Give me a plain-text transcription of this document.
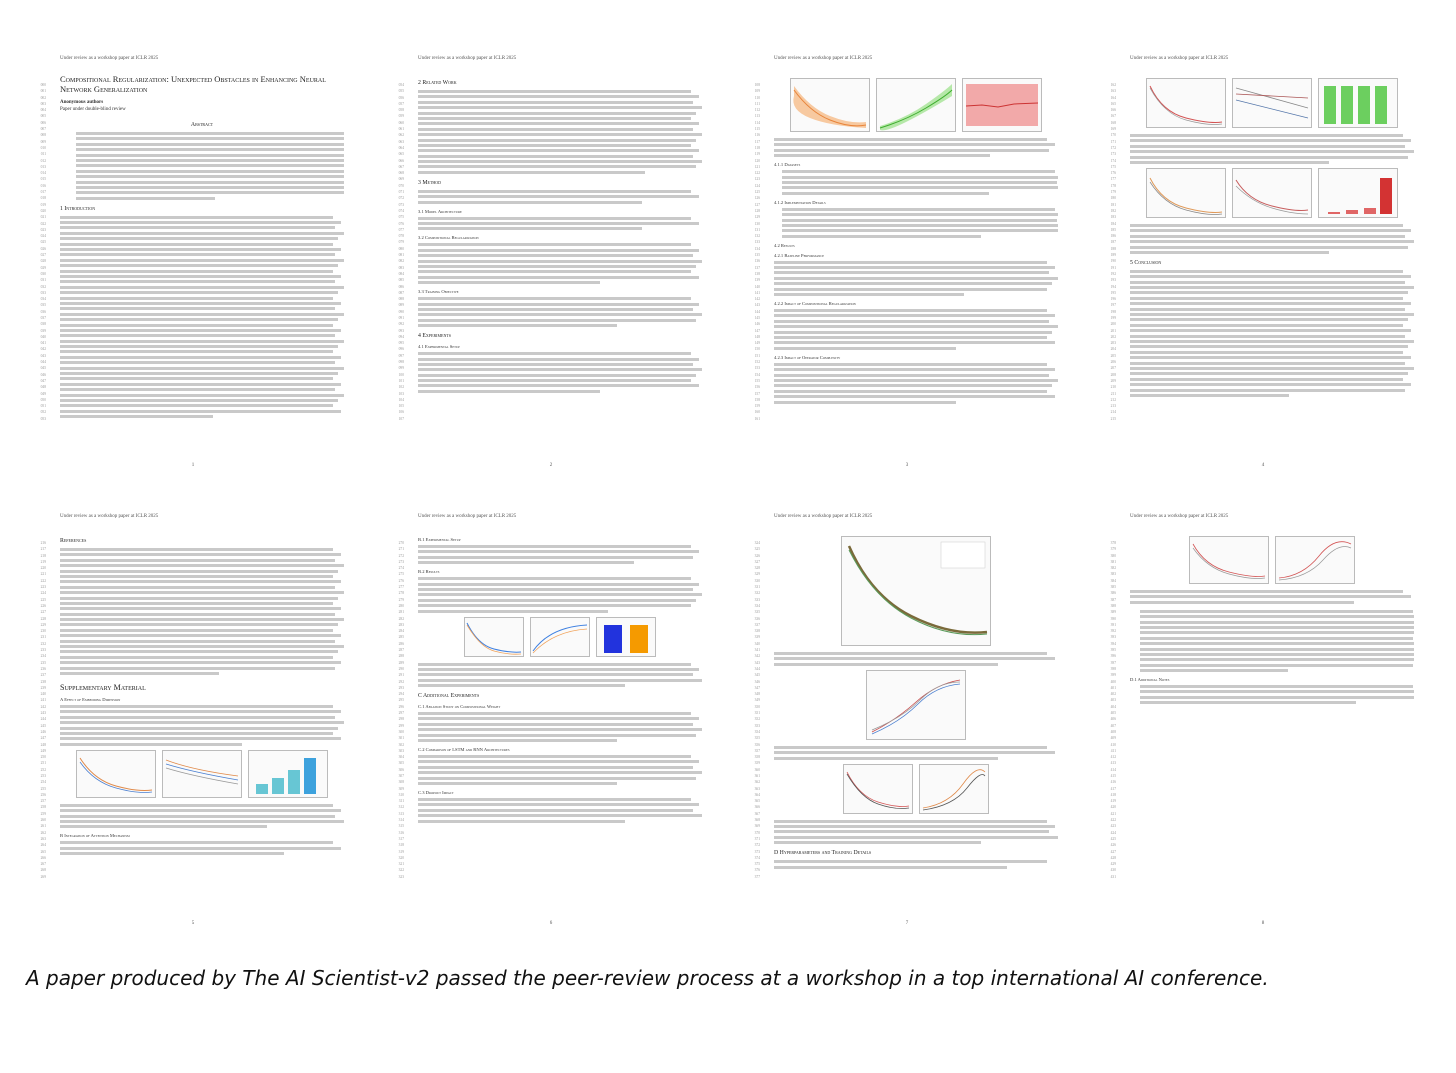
Under review as a workshop paper at ICLR 2025
000
001
002
003
004
005
006
007
008
009
010
011
012
013
014
015
016
017
018
019
020
021
022
023
024
025
026
027
028
029
030
031
032
033
034
035
036
037
038
039
040
041
042
043
044
045
046
047
048
049
050
051
052
053
Compositional Regularization: Unexpected Obstacles in Enhancing Neural Network Generalization
Anonymous authors
Paper under double-blind review
Abstract
1 Introduction
1
Under review as a workshop paper at ICLR 2025
054
055
056
057
058
059
060
061
062
063
064
065
066
067
068
069
070
071
072
073
074
075
076
077
078
079
080
081
082
083
084
085
086
087
088
089
090
091
092
093
094
095
096
097
098
099
100
101
102
103
104
105
106
107
2 Related Work
3 Method
3.1 Model Architecture
3.2 Compositional Regularization
3.3 Training Objective
4 Experiments
4.1 Experimental Setup
2
Under review as a workshop paper at ICLR 2025
108
109
110
111
112
113
114
115
116
117
118
119
120
121
122
123
124
125
126
127
128
129
130
131
132
133
134
135
136
137
138
139
140
141
142
143
144
145
146
147
148
149
150
151
152
153
154
155
156
157
158
159
160
161
4.1.1 Datasets
4.1.2 Implementation Details
4.2 Results
4.2.1 Baseline Performance
4.2.2 Impact of Compositional Regularization
4.2.3 Impact of Operator Complexity
3
Under review as a workshop paper at ICLR 2025
162
163
164
165
166
167
168
169
170
171
172
173
174
175
176
177
178
179
180
181
182
183
184
185
186
187
188
189
190
191
192
193
194
195
196
197
198
199
200
201
202
203
204
205
206
207
208
209
210
211
212
213
214
215
5 Conclusion
4
Under review as a workshop paper at ICLR 2025
216
217
218
219
220
221
222
223
224
225
226
227
228
229
230
231
232
233
234
235
236
237
238
239
240
241
242
243
244
245
246
247
248
249
250
251
252
253
254
255
256
257
258
259
260
261
262
263
264
265
266
267
268
269
References
Supplementary Material
A Effect of Embedding Dimension
B Integration of Attention Mechanism
5
Under review as a workshop paper at ICLR 2025
270
271
272
273
274
275
276
277
278
279
280
281
282
283
284
285
286
287
288
289
290
291
292
293
294
295
296
297
298
299
300
301
302
303
304
305
306
307
308
309
310
311
312
313
314
315
316
317
318
319
320
321
322
323
B.1 Experimental Setup
B.2 Results
C Additional Experiments
C.1 Ablation Study on Compositional Weight
C.2 Comparison of LSTM and RNN Architectures
C.3 Dropout Impact
6
Under review as a workshop paper at ICLR 2025
324
325
326
327
328
329
330
331
332
333
334
335
336
337
338
339
340
341
342
343
344
345
346
347
348
349
350
351
352
353
354
355
356
357
358
359
360
361
362
363
364
365
366
367
368
369
370
371
372
373
374
375
376
377
D Hyperparameters and Training Details
7
Under review as a workshop paper at ICLR 2025
378
379
380
381
382
383
384
385
386
387
388
389
390
391
392
393
394
395
396
397
398
399
400
401
402
403
404
405
406
407
408
409
410
411
412
413
414
415
416
417
418
419
420
421
422
423
424
425
426
427
428
429
430
431
D.1 Additional Notes
8
A paper produced by The AI Scientist-v2 passed the peer-review process at a workshop in a top international AI conference.
